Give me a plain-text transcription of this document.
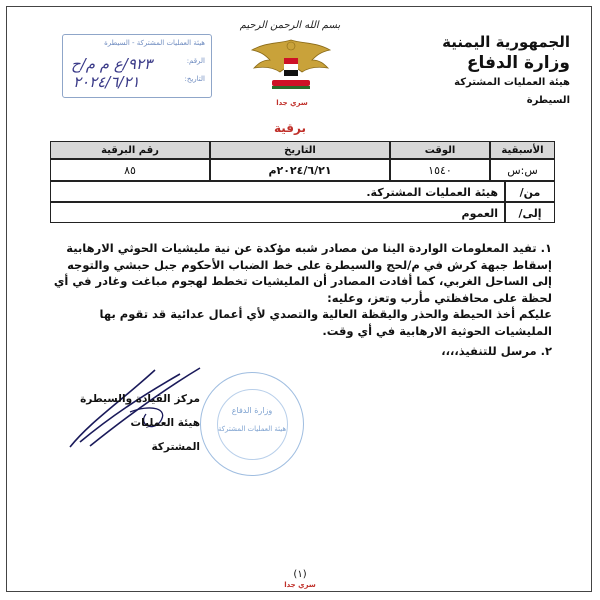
بسم الله الرحمن الرحيم
سري جدا
الجمهورية اليمنية
وزارة الدفاع
هيئة العمليات المشتركة
السيطرة
هيئة العمليات المشتركة - السيطرة
الرقم:
٩٢٣/ع م م/ح
التاريخ:
٢٠٢٤/٦/٢١
برقية
الأسبقية
الوقت
التاريخ
رقم البرقية
س:س
١٥٤٠
٢٠٢٤/٦/٢١م
٨٥
من/
هيئة العمليات المشتركة.
إلى/
العموم
١. تفيد المعلومات الواردة الينا من مصادر شبه مؤكدة عن نية مليشيات الحوثي الارهابية إسقاط جبهة كرش في م/لحج والسيطرة على خط الضباب الأحكوم جبل حبشي والتوجه إلى الساحل الغربي، كما أفادت المصادر أن المليشيات تخطط لهجوم مباغت وغادر في أي لحظة على محافظتي مأرب وتعز، وعليه:
عليكم أخذ الحيطة والحذر واليقظة العالية والتصدي لأي أعمال عدائية قد تقوم بها المليشيات الحوثية الارهابية في أي وقت.
٢. مرسل للتنفيذ،،،،
مركز القيادة والسيطرة
هيئة العمليات المشتركة
وزارة الدفاع
هيئة العمليات المشتركة
(١)
سري جدا
